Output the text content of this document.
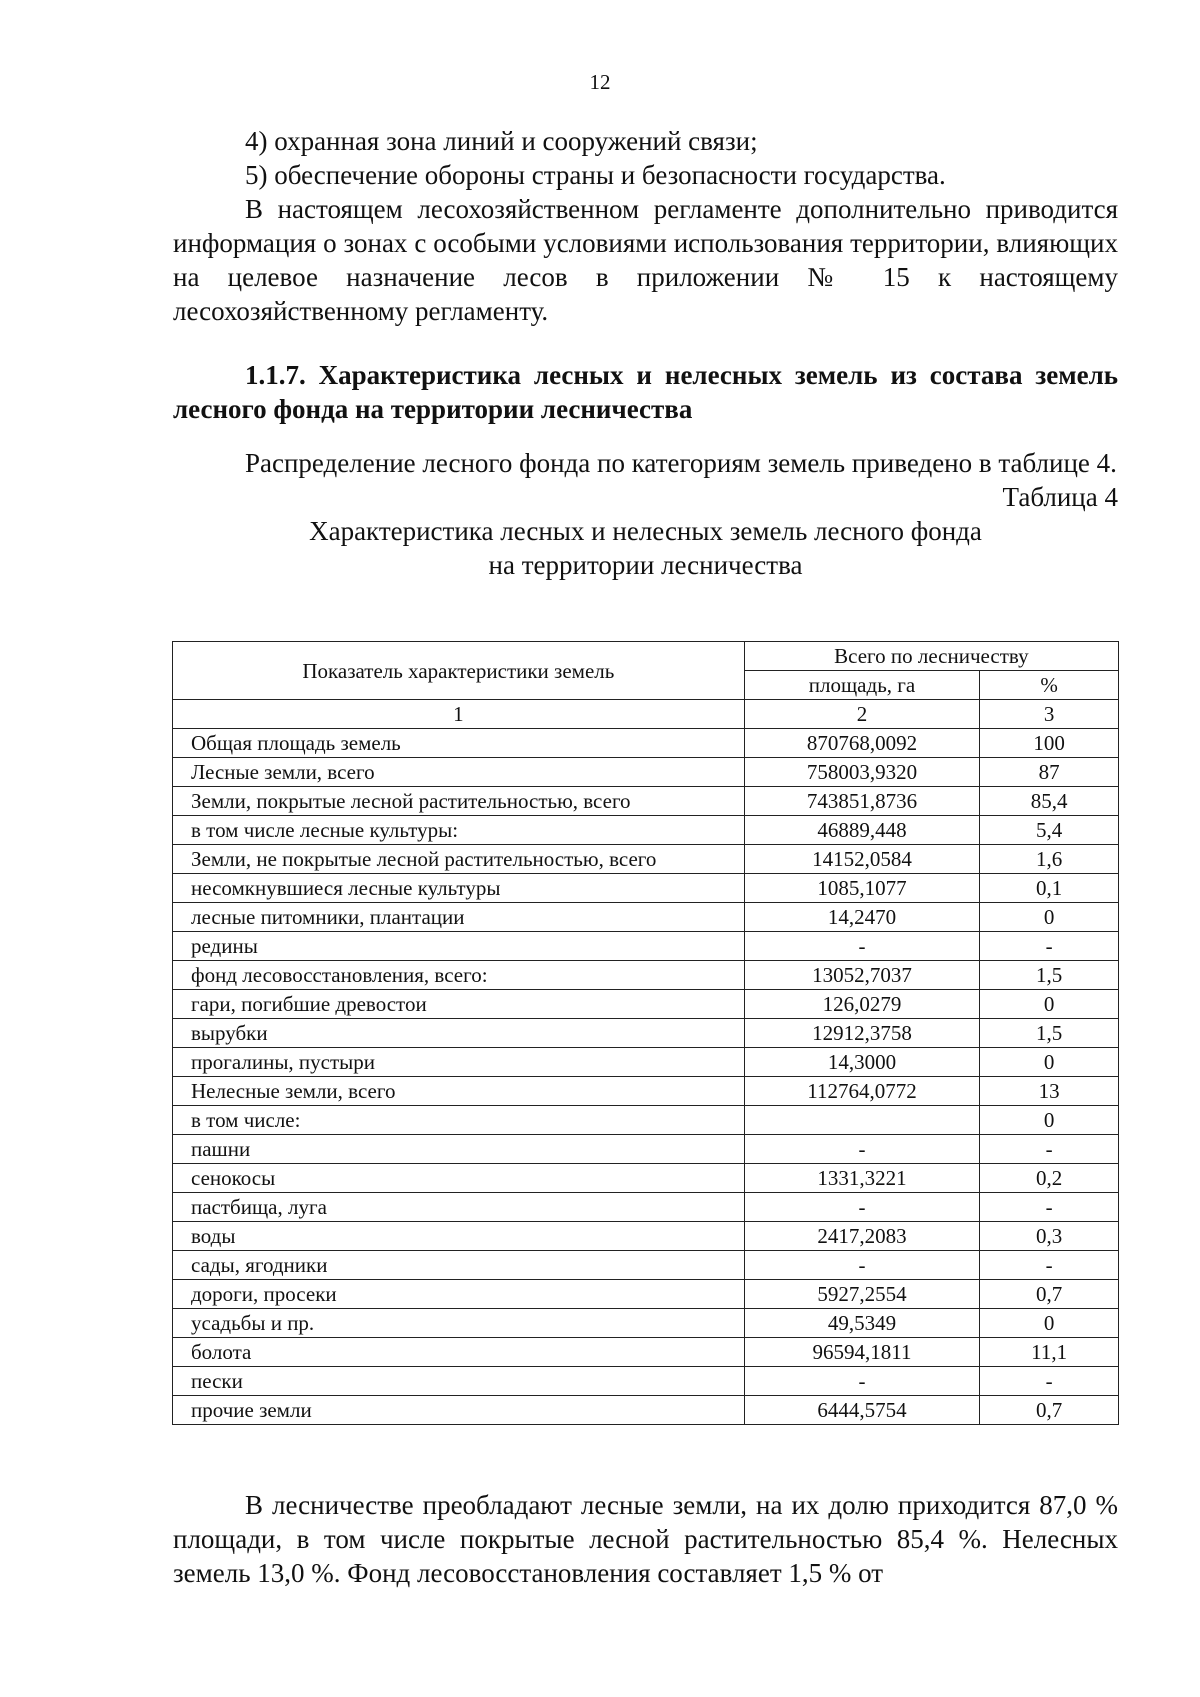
12

4) охранная зона линий и сооружений связи;

5) обеспечение обороны страны и безопасности государства.

В настоящем лесохозяйственном регламенте дополнительно приводится информация о зонах с особыми условиями использования территории, влияющих на целевое назначение лесов в приложении № 15 к настоящему лесохозяйственному регламенту.

1.1.7. Характеристика лесных и нелесных земель из состава земель лесного фонда на территории лесничества

Распределение лесного фонда по категориям земель приведено в таблице 4.

Таблица 4

Характеристика лесных и нелесных земель лесного фонда

на территории лесничества

Показатель характеристики земель	Всего по лесничеству	
	площадь, га	%
1	2	3
Общая площадь земель	870768,0092	100
Лесные земли, всего	758003,9320	87
Земли, покрытые лесной растительностью, всего	743851,8736	85,4
в том числе лесные культуры:	46889,448	5,4
Земли, не покрытые лесной растительностью, всего	14152,0584	1,6
несомкнувшиеся лесные культуры	1085,1077	0,1
лесные питомники, плантации	14,2470	0
редины	-	-
фонд лесовосстановления, всего:	13052,7037	1,5
гари, погибшие древостои	126,0279	0
вырубки	12912,3758	1,5
прогалины, пустыри	14,3000	0
Нелесные земли, всего	112764,0772	13
в том числе:		0
пашни	-	-
сенокосы	1331,3221	0,2
пастбища, луга	-	-
воды	2417,2083	0,3
сады, ягодники	-	-
дороги, просеки	5927,2554	0,7
усадьбы и пр.	49,5349	0
болота	96594,1811	11,1
пески	-	-
прочие земли	6444,5754	0,7

В лесничестве преобладают лесные земли, на их долю приходится 87,0 % площади, в том числе покрытые лесной растительностью 85,4 %. Нелесных земель 13,0 %. Фонд лесовосстановления составляет 1,5 % от
